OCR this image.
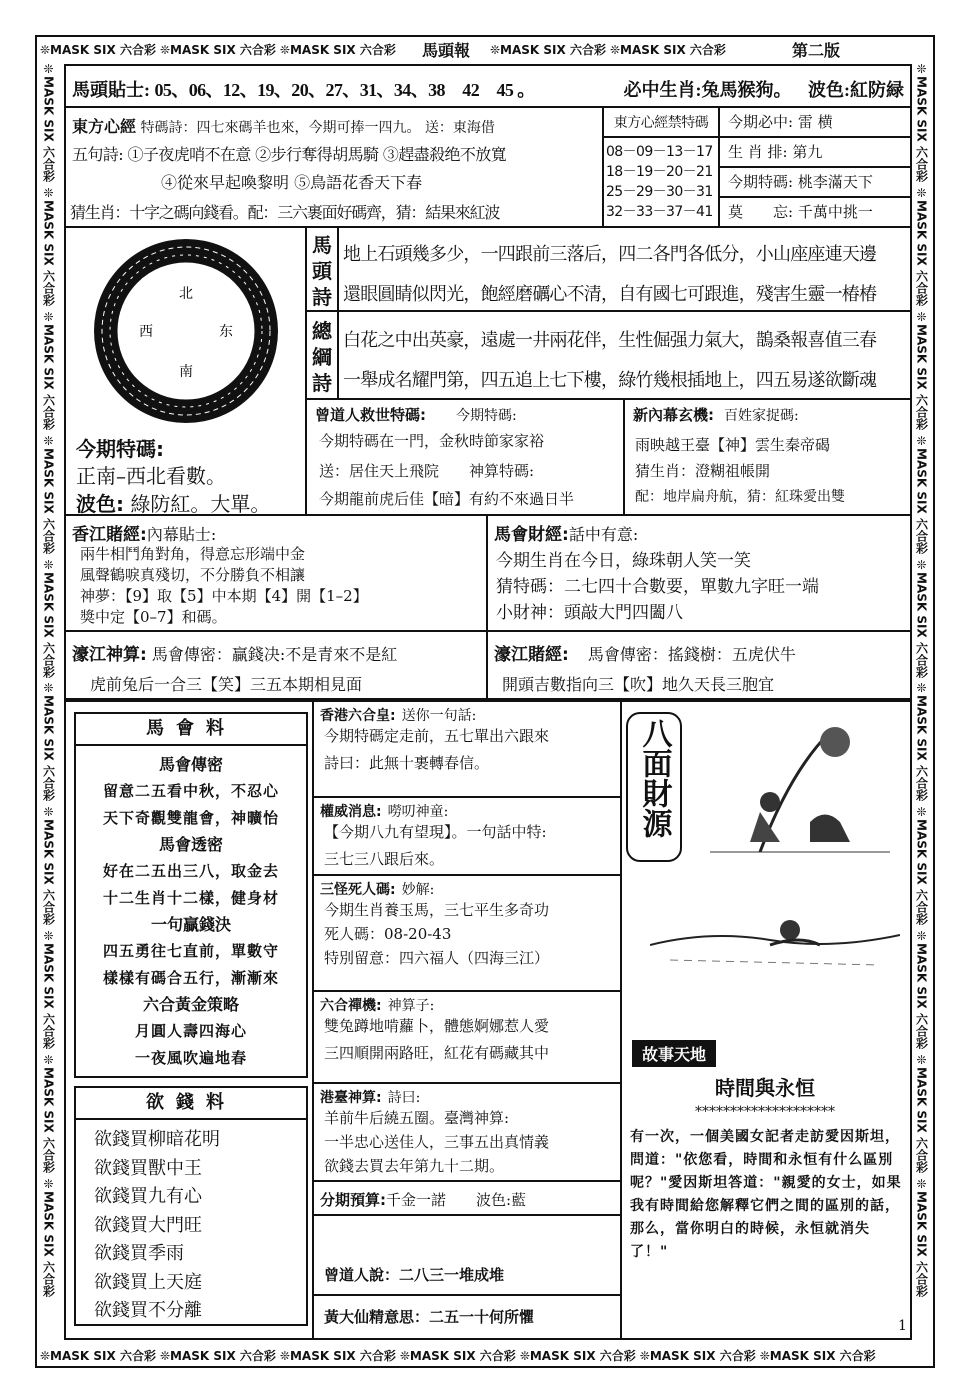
❊MASK SIX 六合彩 ❊MASK SIX 六合彩 ❊MASK SIX 六合彩	❊MASK SIX 六合彩 ❊MASK SIX 六合彩
❊MASK SIX 六合彩 ❊MASK SIX 六合彩 ❊MASK SIX 六合彩 ❊MASK SIX 六合彩 ❊MASK SIX 六合彩 ❊MASK SIX 六合彩 ❊MASK SIX 六合彩
❊MASK SIX 六合彩
❊MASK SIX 六合彩
❊MASK SIX 六合彩
❊MASK SIX 六合彩
❊MASK SIX 六合彩
❊MASK SIX 六合彩
❊MASK SIX 六合彩
❊MASK SIX 六合彩
❊MASK SIX 六合彩
❊MASK SIX 六合彩
❊MASK SIX 六合彩
❊MASK SIX 六合彩
❊MASK SIX 六合彩
❊MASK SIX 六合彩
❊MASK SIX 六合彩
❊MASK SIX 六合彩
❊MASK SIX 六合彩
❊MASK SIX 六合彩
❊MASK SIX 六合彩
❊MASK SIX 六合彩
馬頭報	第二版
馬頭貼士: 05、06、12、19、20、27、31、34、38　42　45 。	必中生肖:兔馬猴狗。 波色:紅防緑
東方心經 特碼詩：四七來碼羊也來，今期可捧一四九。 送：東海借
五句詩: ①子夜虎哨不在意 ②步行奪得胡馬騎 ③趕盡殺绝不放寬
④從來早起喚黎明 ⑤鳥語花香天下春
猜生肖：十字之碼向錢看。配：三六裹面好碼齊，猜：結果來紅波
東方心經禁特碼
08－09－13－17
18－19－20－21
25－29－30－31
32－33－37－41
今期必中: 雷 横
生 肖 排: 第九
今期特碼: 桃李滿天下
莫　　忘: 千萬中挑一
北
西	东
南
今期特碼:
正南–西北看數。
波色: 綠防紅。大單。
馬頭詩
地上石頭幾多少，一四跟前三落后，四二各門各低分，小山座座連天邊
還眼圓睛似閃光，飽經磨礪心不清，自有國七可跟進，殘害生靈一椿椿
總綱詩
白花之中出英豪，遠處一井兩花伴，生性倔强力氣大，鵲桑報喜值三春
一舉成名耀門第，四五追上七下樓，綠竹幾根插地上，四五易遂欲斷魂
曾道人救世特碼: 今期特碼:
今期特碼在一門，金秋時節家家裕
送：居住天上飛院 神算特碼:
今期龍前虎后佳【暗】有約不來過日半
新內幕玄機: 百姓家捉碼:
雨映越王臺【神】雲生秦帝碣
猜生肖：澄糊祖帳開
配：地岸扁舟航，猜：紅珠愛出雙
香江賭經:內幕貼士:
兩牛相鬥角對角，得意忘形端中金
風聲鶴唳真殘切，不分勝負不相讓
神夢：【9】取【5】中本期【4】開【1–2】
獎中定【0–7】和碼。
馬會財經:話中有意:
今期生肖在今日，綠珠朝人笑一笑
猜特碼：二七四十合數要，單數九字旺一端
小財神：頭敲大門四闔八
濠江神算: 馬會傳密：贏錢决:不是青來不是紅
虎前兔后一合三【笑】三五本期相見面
濠江賭經: 馬會傳密：搖錢樹：五虎伏牛
開頭吉數指向三【吹】地久天長三胞宜
馬會料
馬會傳密
留意二五看中秋，不忍心
天下奇觀雙龍會，神曠怡
馬會透密
好在二五出三八，取金去
十二生肖十二樣，健身材
一句贏錢決
四五勇往七直前，單數守
樣樣有碼合五行，漸漸來
六合黃金策略
月圓人壽四海心
一夜風吹遍地春
欲錢料
欲錢買柳暗花明
欲錢買獸中王
欲錢買九有心
欲錢買大門旺
欲錢買季雨
欲錢買上天庭
欲錢買不分離
香港六合皇: 送你一句話:
今期特碼定走前，五七單出六跟來
詩曰：此無十裹轉春信。
權威消息: 嘮叨神童:
【今期八九有望現】。一句話中特:
三七三八跟后來。
三怪死人碼: 妙解:
今期生肖養玉馬，三七平生多奇功
死人碼：08-20-43
特別留意：四六福人（四海三江）
六合禪機: 神算子:
雙兔蹲地啃蘿卜，體態婀娜惹人愛
三四順開兩路旺，紅花有碼藏其中
港臺神算: 詩曰:
羊前牛后繞五圈。臺灣神算:
一半忠心送佳人，三事五出真情義
欲錢去買去年第九十二期。
分期預算:千金一諾 波色:藍
曾道人說：二八三一堆成堆
黃大仙精意思：二五一十何所懼
八面財源
故事天地
時間與永恒
********************
有一次，一個美國女記者走訪愛因斯坦，問道："依您看，時間和永恒有什么區別呢？"愛因斯坦答道："親愛的女士，如果我有時間給您解釋它們之間的區別的話，那么，當你明白的時候，永恒就消失了！"
1
